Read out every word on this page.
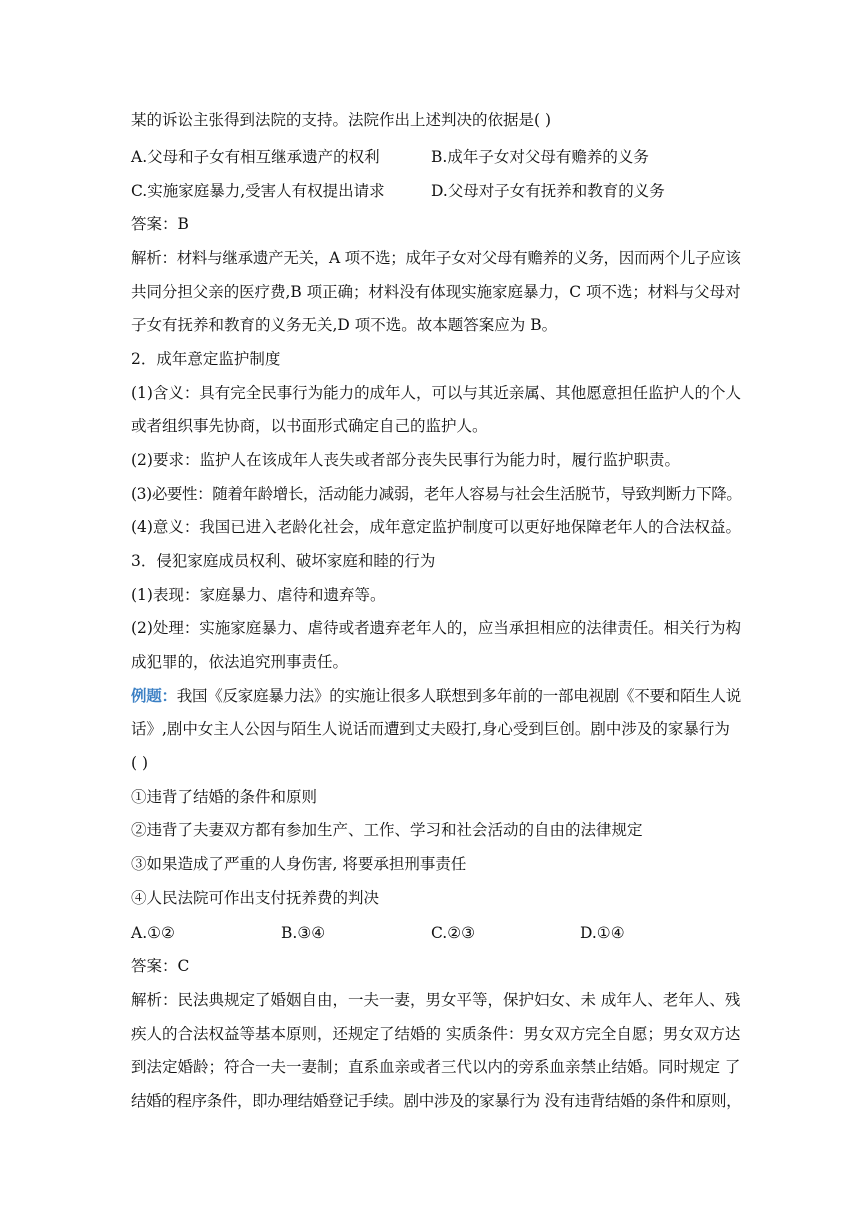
某的诉讼主张得到法院的支持。法院作出上述判决的依据是( )
A.父母和子女有相互继承遗产的权利	B.成年子女对父母有赡养的义务
C.实施家庭暴力,受害人有权提出请求	D.父母对子女有抚养和教育的义务
答案：B
解析：材料与继承遗产无关，A 项不选；成年子女对父母有赡养的义务，因而两个儿子应该
共同分担父亲的医疗费,B 项正确；材料没有体现实施家庭暴力，C 项不选；材料与父母对
子女有抚养和教育的义务无关,D 项不选。故本题答案应为 B。
2．成年意定监护制度
(1)含义：具有完全民事行为能力的成年人，可以与其近亲属、其他愿意担任监护人的个人
或者组织事先协商，以书面形式确定自己的监护人。
(2)要求：监护人在该成年人丧失或者部分丧失民事行为能力时，履行监护职责。
(3)必要性：随着年龄增长，活动能力减弱，老年人容易与社会生活脱节，导致判断力下降。
(4)意义：我国已进入老龄化社会，成年意定监护制度可以更好地保障老年人的合法权益。
3．侵犯家庭成员权利、破坏家庭和睦的行为
(1)表现：家庭暴力、虐待和遗弃等。
(2)处理：实施家庭暴力、虐待或者遗弃老年人的，应当承担相应的法律责任。相关行为构
成犯罪的，依法追究刑事责任。
例题：我国《反家庭暴力法》的实施让很多人联想到多年前的一部电视剧《不要和陌生人说
话》,剧中女主人公因与陌生人说话而遭到丈夫殴打,身心受到巨创。剧中涉及的家暴行为
( )
①违背了结婚的条件和原则
②违背了夫妻双方都有参加生产、工作、学习和社会活动的自由的法律规定
③如果造成了严重的人身伤害, 将要承担刑事责任
④人民法院可作出支付抚养费的判决
A.①②	B.③④	C.②③	D.①④
答案：C
解析：民法典规定了婚姻自由，一夫一妻，男女平等，保护妇女、未 成年人、老年人、残
疾人的合法权益等基本原则，还规定了结婚的 实质条件：男女双方完全自愿；男女双方达
到法定婚龄；符合一夫一妻制；直系血亲或者三代以内的旁系血亲禁止结婚。同时规定 了
结婚的程序条件，即办理结婚登记手续。剧中涉及的家暴行为 没有违背结婚的条件和原则，
